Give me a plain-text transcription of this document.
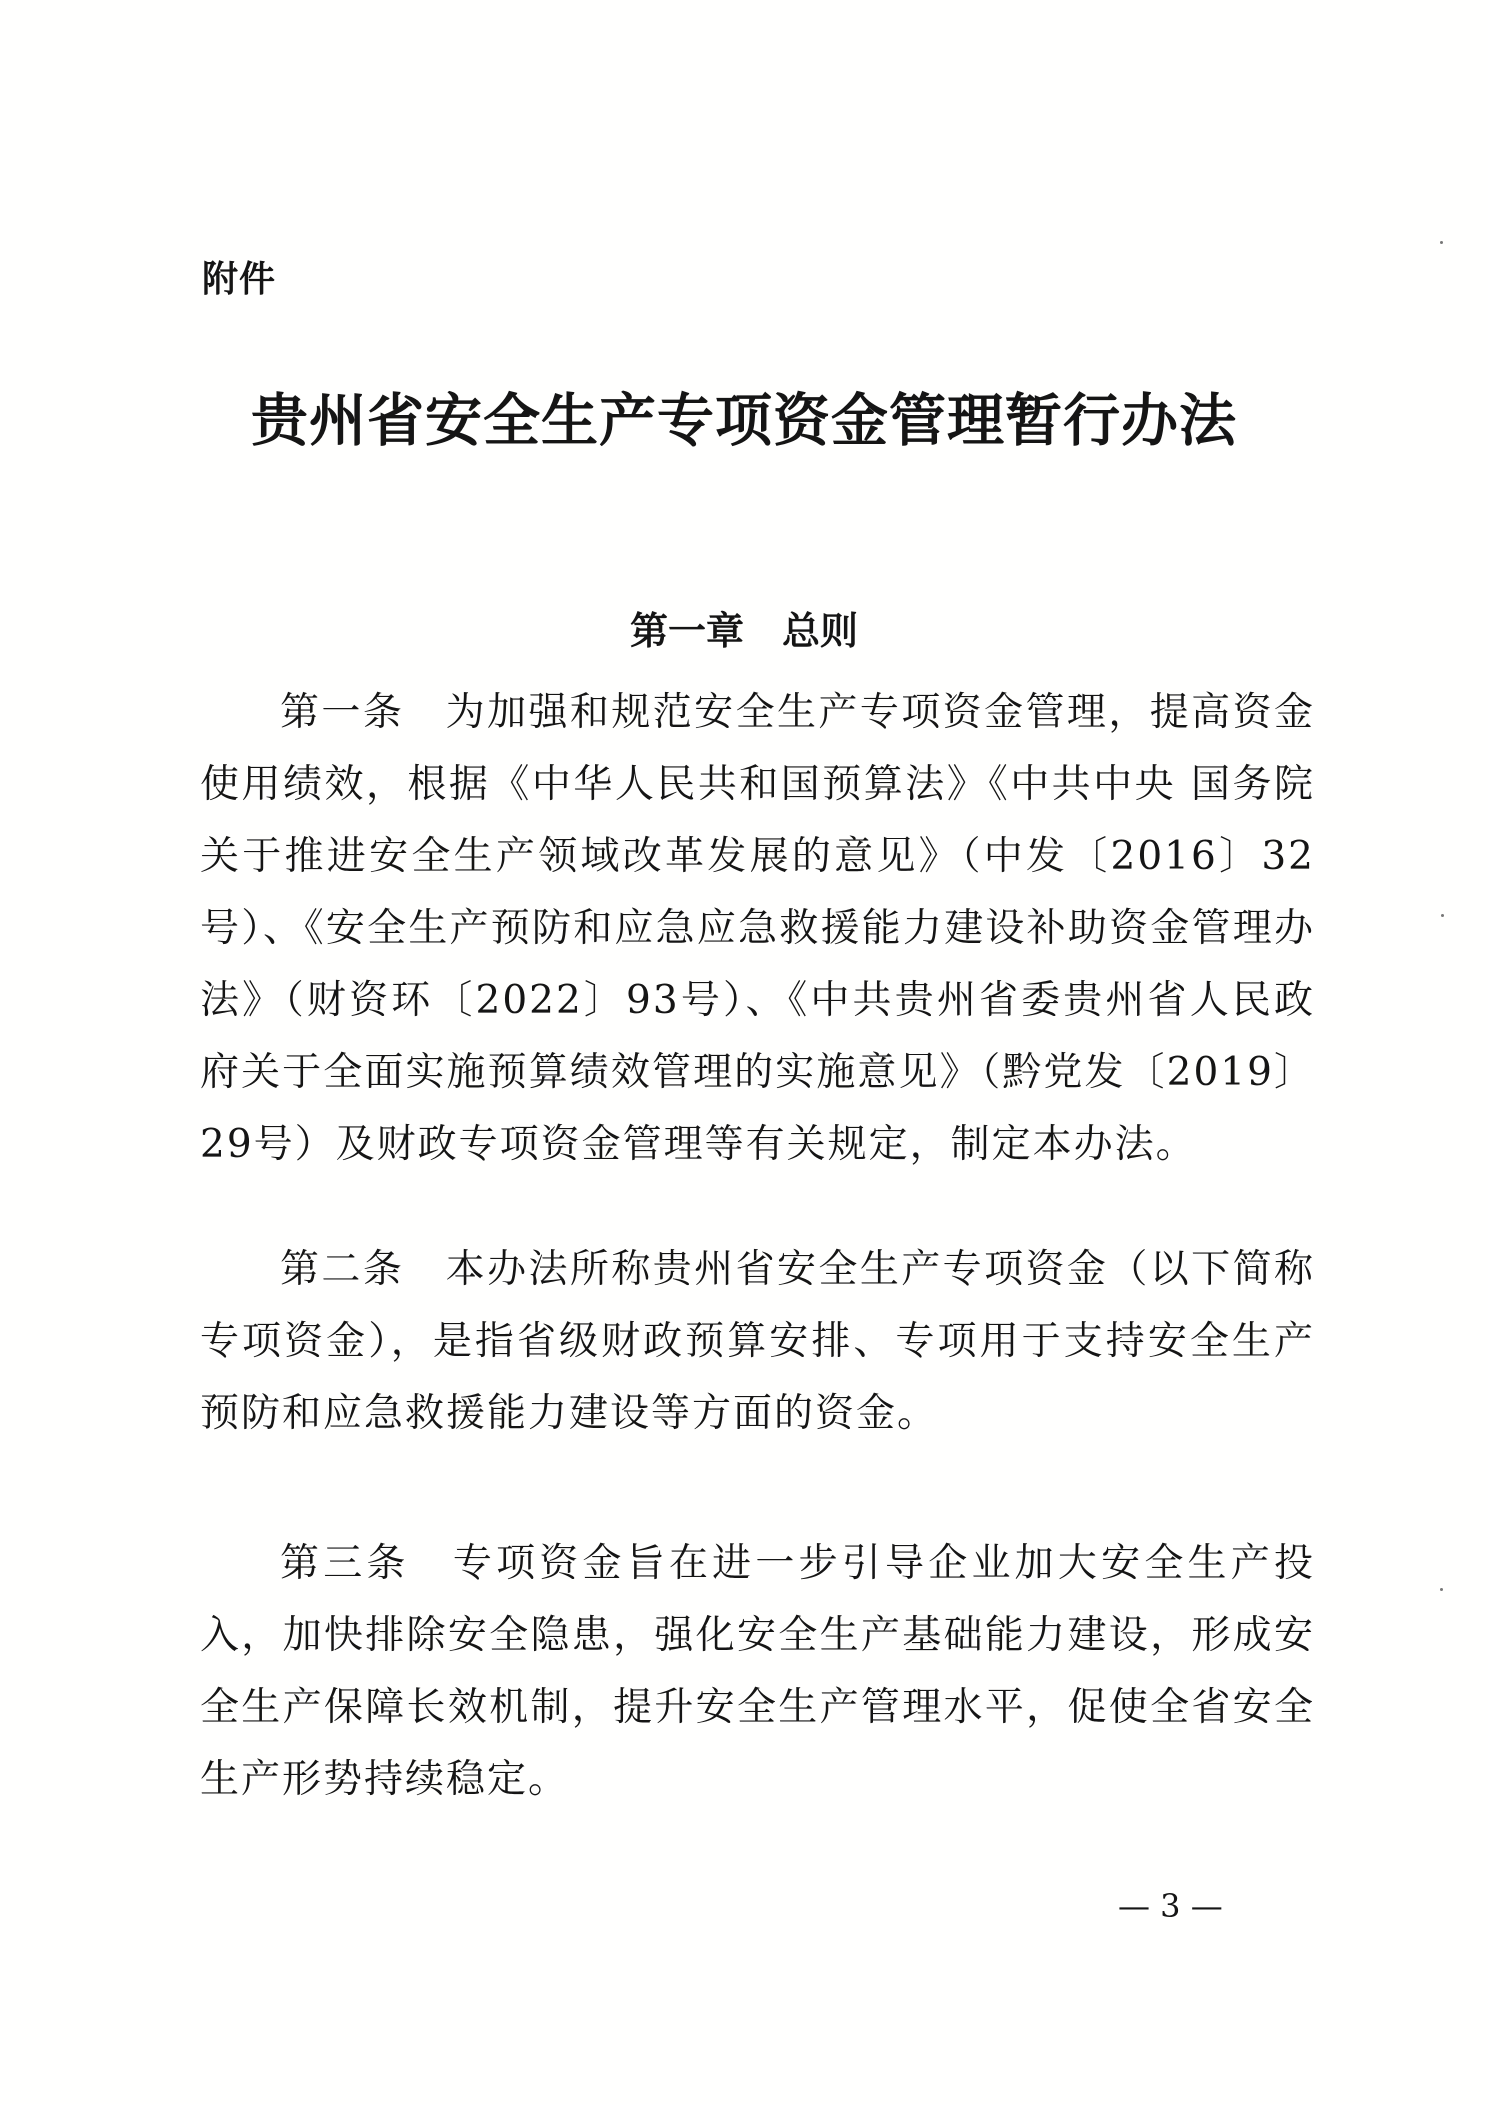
附件
贵州省安全生产专项资金管理暂行办法
第一章　总则

第一条　为加强和规范安全生产专项资金管理，提高资金使用绩效，根据《中华人民共和国预算法》《中共中央 国务院关于推进安全生产领域改革发展的意见》（中发〔2016〕32号）、《安全生产预防和应急应急救援能力建设补助资金管理办法》（财资环〔2022〕93号）、《中共贵州省委贵州省人民政府关于全面实施预算绩效管理的实施意见》（黔党发〔2019〕29号）及财政专项资金管理等有关规定，制定本办法。

第二条　本办法所称贵州省安全生产专项资金（以下简称专项资金），是指省级财政预算安排、专项用于支持安全生产预防和应急救援能力建设等方面的资金。

第三条　专项资金旨在进一步引导企业加大安全生产投入，加快排除安全隐患，强化安全生产基础能力建设，形成安全生产保障长效机制，提升安全生产管理水平，促使全省安全生产形势持续稳定。

— 3 —
